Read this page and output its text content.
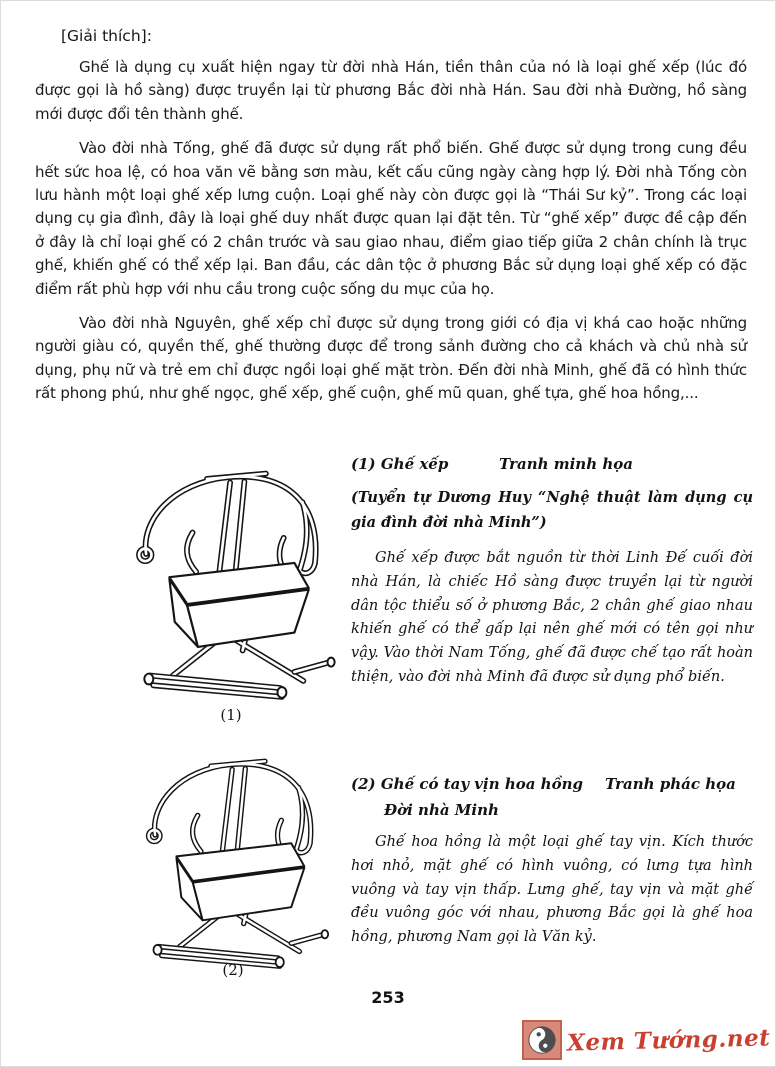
[Giải thích]:

Ghế là dụng cụ xuất hiện ngay từ đời nhà Hán, tiền thân của nó là loại ghế xếp (lúc đó được gọi là hồ sàng) được truyền lại từ phương Bắc đời nhà Hán. Sau đời nhà Đường, hồ sàng mới được đổi tên thành ghế.

Vào đời nhà Tống, ghế đã được sử dụng rất phổ biến. Ghế được sử dụng trong cung đều hết sức hoa lệ, có hoa văn vẽ bằng sơn màu, kết cấu cũng ngày càng hợp lý. Đời nhà Tống còn lưu hành một loại ghế xếp lưng cuộn. Loại ghế này còn được gọi là “Thái Sư kỷ”. Trong các loại dụng cụ gia đình, đây là loại ghế duy nhất được quan lại đặt tên. Từ “ghế xếp” được đề cập đến ở đây là chỉ loại ghế có 2 chân trước và sau giao nhau, điểm giao tiếp giữa 2 chân chính là trục ghế, khiến ghế có thể xếp lại. Ban đầu, các dân tộc ở phương Bắc sử dụng loại ghế xếp có đặc điểm rất phù hợp với nhu cầu trong cuộc sống du mục của họ.

Vào đời nhà Nguyên, ghế xếp chỉ được sử dụng trong giới có địa vị khá cao hoặc những người giàu có, quyền thế, ghế thường được để trong sảnh đường cho cả khách và chủ nhà sử dụng, phụ nữ và trẻ em chỉ được ngồi loại ghế mặt tròn. Đến đời nhà Minh, ghế đã có hình thức rất phong phú, như ghế ngọc, ghế xếp, ghế cuộn, ghế mũ quan, ghế tựa, ghế hoa hồng,...

(1)
(1) Ghế xếp	Tranh minh họa
(Tuyển tự Dương Huy “Nghệ thuật làm dụng cụ gia đình đời nhà Minh”)
Ghế xếp được bắt nguồn từ thời Linh Đế cuối đời nhà Hán, là chiếc Hồ sàng được truyền lại từ người dân tộc thiểu số ở phương Bắc, 2 chân ghế giao nhau khiến ghế có thể gấp lại nên ghế mới có tên gọi như vậy. Vào thời Nam Tống, ghế đã được chế tạo rất hoàn thiện, vào đời nhà Minh đã được sử dụng phổ biến.
(2)
(2) Ghế có tay vịn hoa hồng	Tranh phác họa
Đời nhà Minh
Ghế hoa hồng là một loại ghế tay vịn. Kích thước hơi nhỏ, mặt ghế có hình vuông, có lưng tựa hình vuông và tay vịn thấp. Lưng ghế, tay vịn và mặt ghế đều vuông góc với nhau, phương Bắc gọi là ghế hoa hồng, phương Nam gọi là Văn kỷ.
253
Xem Tướng.net
